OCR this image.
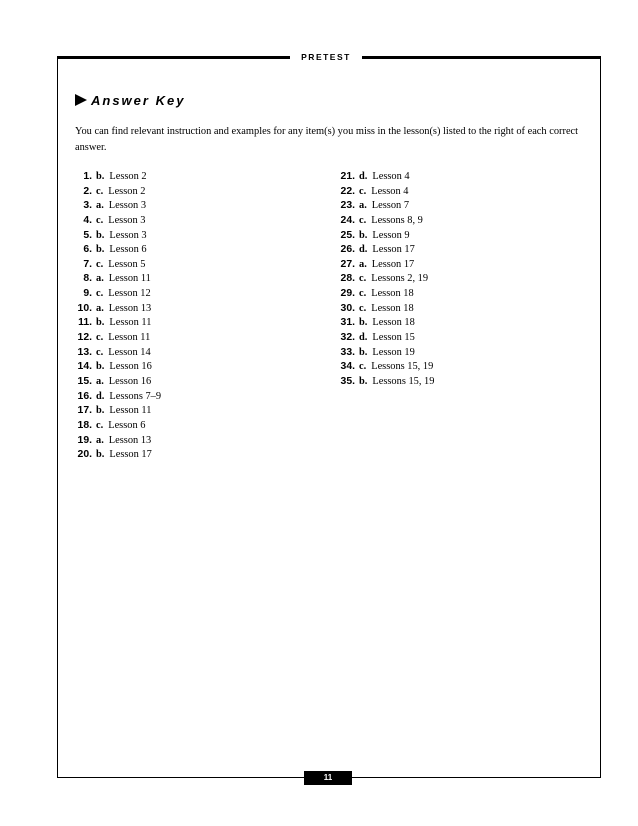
PRETEST
Answer Key
You can find relevant instruction and examples for any item(s) you miss in the lesson(s) listed to the right of each correct answer.
1. b. Lesson 2
2. c. Lesson 2
3. a. Lesson 3
4. c. Lesson 3
5. b. Lesson 3
6. b. Lesson 6
7. c. Lesson 5
8. a. Lesson 11
9. c. Lesson 12
10. a. Lesson 13
11. b. Lesson 11
12. c. Lesson 11
13. c. Lesson 14
14. b. Lesson 16
15. a. Lesson 16
16. d. Lessons 7–9
17. b. Lesson 11
18. c. Lesson 6
19. a. Lesson 13
20. b. Lesson 17
21. d. Lesson 4
22. c. Lesson 4
23. a. Lesson 7
24. c. Lessons 8, 9
25. b. Lesson 9
26. d. Lesson 17
27. a. Lesson 17
28. c. Lessons 2, 19
29. c. Lesson 18
30. c. Lesson 18
31. b. Lesson 18
32. d. Lesson 15
33. b. Lesson 19
34. c. Lessons 15, 19
35. b. Lessons 15, 19
11
